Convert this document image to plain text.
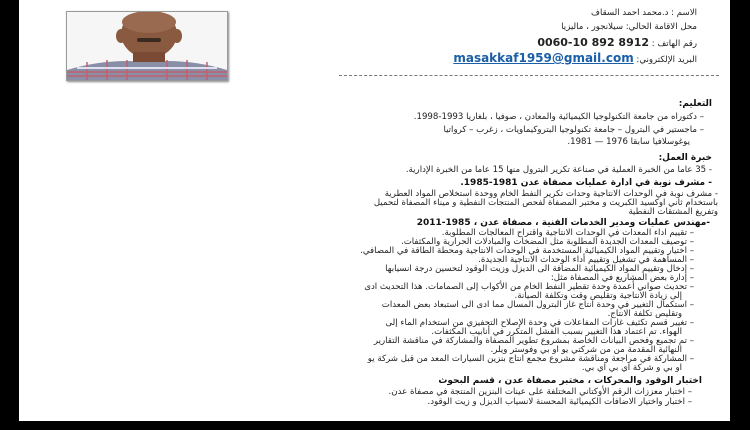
الاسم : د.محمد احمد السقاف
محل الاقامة الحالي: سيلانجور ، ماليزيا
رقم الهاتف : 0060-10 892 8912
البريد الإلكتروني: masakkaf1959@gmail.com
التعليم:
– دكتوراه من جامعة التكنولوجيا الكيميائية والمعادن ، صوفيا ، بلغاريا 1993-1998.
– ماجستير في البترول – جامعة تكنولوجيا البتروكيماويات ، زغرب – كرواتيا
يوغوسلافيا سابقا 1976 — 1981.
خبرة العمل:
- 35 عاما من الخبرة العملية في صناعة تكرير البترول منها 15 عاما من الخبرة الإدارية.
- مشرف نوبة في ادارة عمليات مصفاة عدن 1981-1985.
- مشرف نوبة في الوحدات الانتاجية وحدات تكرير النفط الخام ووحدة استخلاص المواد العطرية
باستخدام ثاني اوكسيد الكبريت و مختبر المصفاة لفحص المنتجات النفطية و ميناء المصفاة لتحميل
وتفريغ المشتقات النفطية
-مهندس عمليات ومدير الخدمات الفنية ، مصفاة عدن ، 1985-2011
– تقييم اداء المعدات في الوحدات الانتاجية واقتراح المعالجات المطلوبة.
– توصيف المعدات الجديدة المطلوبة مثل المضخات والمبادلات الحرارية والمكثفات.
– اختيار وتقييم المواد الكيميائية المستخدمة في الوحدات الانتاجية ومحطة الطاقة في المصافي.
– المساهمة في تشغيل وتقييم أداء الوحدات الانتاجية الجديدة.
– إدخال وتقييم المواد الكيميائية المضافة الى الديزل وزيت الوقود لتحسين درجة انسيابها
– إدارة بعض المشاريع في المصفاة مثل:
– تحديث صواني أعمدة وحدة تقطير النفط الخام من الأكواب إلى الصمامات. هذا التحديث ادى
إلى زيادة الانتاجية وتقليص وقت وتكلفة الصيانة.
– استكمال التغيير في وحدة انتاج غاز البترول المسال مما ادى الى استبعاد بعض المعدات
وتقليص تكلفة الانتاج.
– تغيير قسم تكثيف غازات المفاعلات في وحدة الإصلاح التحفيزي من استخدام الماء إلى
الهواء. تم اعتماد هذا التغيير بسبب الفشل المتكرر في أنابيب المكثفات.
– تم تجميع وفحص البيانات الخاصة بمشروع تطوير المصفاة والمشاركة في مناقشة التقارير
النهائية المقدمة من من شركتي يو او بي وفوستر ويلر.
– المشاركة في مراجعة ومناقشة مشروع مجمع انتاج بنزين السيارات المعد من قبل شركة يو
او بي و شركة اي بي اي بي.
اختبار الوقود والمحركات ، مختبر مصفاة عدن ، قسم البحوث
– اختبار معززات الرقم الأوكتاني المختلفة على عينات البنزين المنتجة في مصفاة عدن.
– اختبار واختيار الاضافات الكيميائية المحسنة لانسياب الديزل و زيت الوقود.
